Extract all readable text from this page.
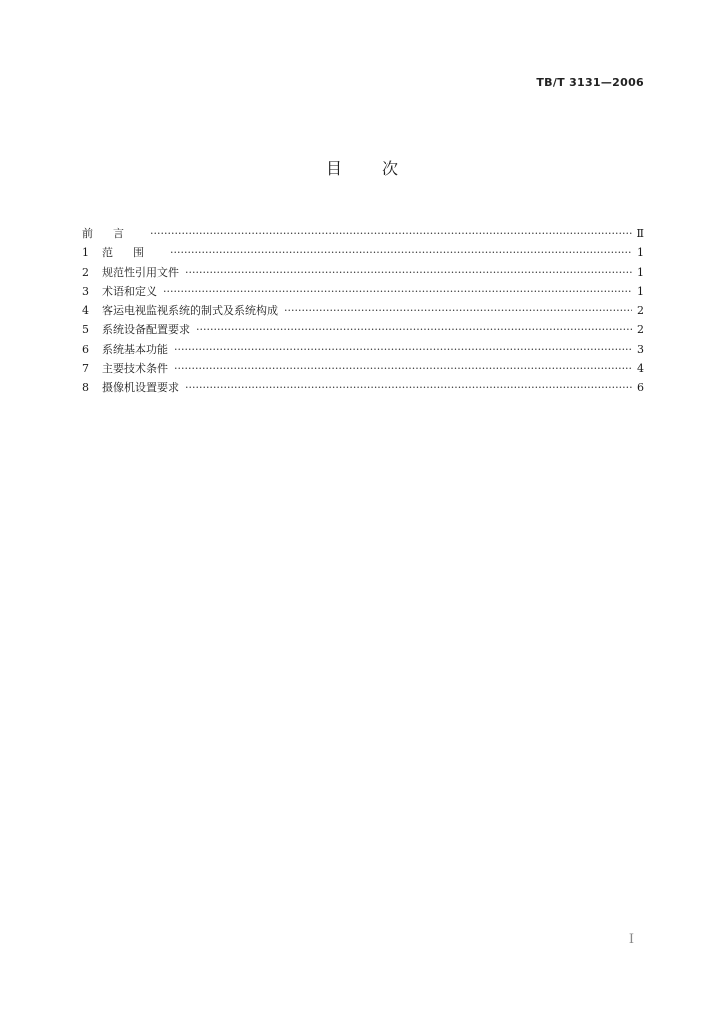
TB/T 3131—2006
目	次
前言 ·····	Ⅱ
1	范围 ·····	1
2	规范性引用文件 ·····	1
3	术语和定义 ·····	1
4	客运电视监视系统的制式及系统构成 ·····	2
5	系统设备配置要求 ·····	2
6	系统基本功能 ·····	3
7	主要技术条件 ·····	4
8	摄像机设置要求 ·····	6
I
